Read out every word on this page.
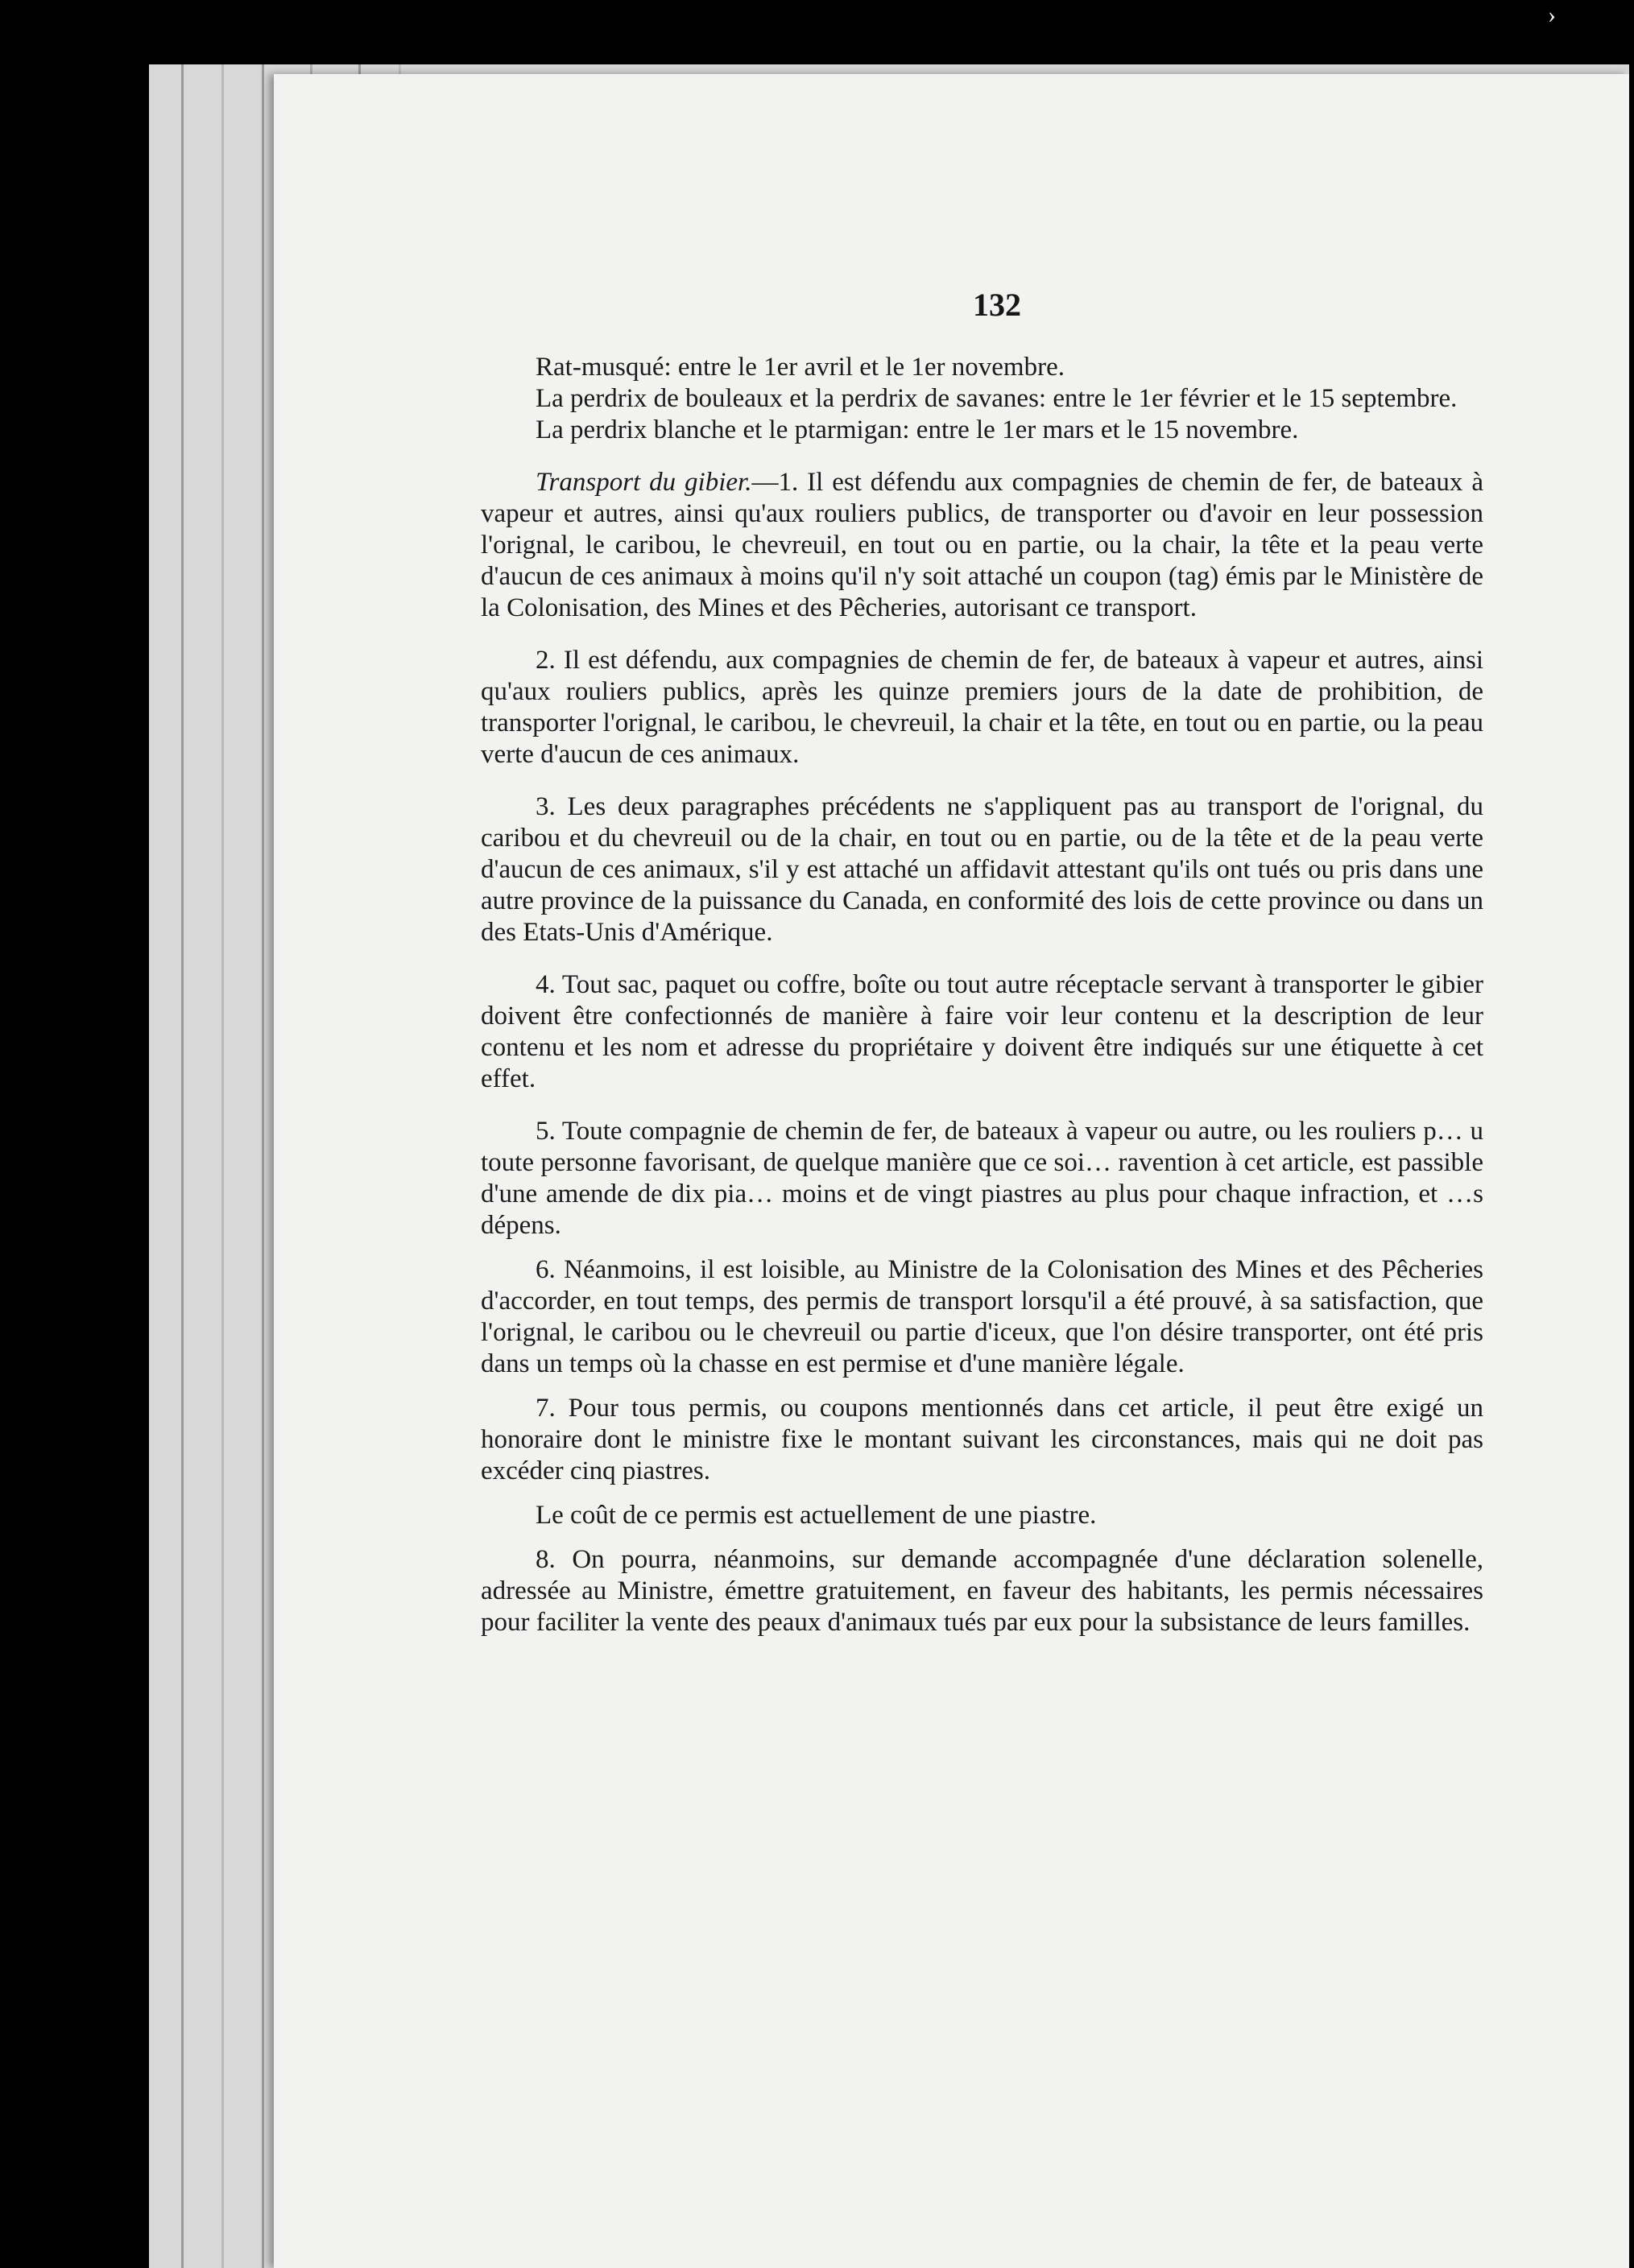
›
132

Rat-musqué: entre le 1er avril et le 1er novembre.

La perdrix de bouleaux et la perdrix de savanes: entre le 1er février et le 15 septembre.

La perdrix blanche et le ptarmigan: entre le 1er mars et le 15 novembre.

Transport du gibier.—1. Il est défendu aux compagnies de chemin de fer, de bateaux à vapeur et autres, ainsi qu'aux rouliers publics, de transporter ou d'avoir en leur possession l'orignal, le caribou, le chevreuil, en tout ou en partie, ou la chair, la tête et la peau verte d'aucun de ces animaux à moins qu'il n'y soit attaché un coupon (tag) émis par le Ministère de la Colonisation, des Mines et des Pêcheries, autorisant ce transport.

2. Il est défendu, aux compagnies de chemin de fer, de bateaux à vapeur et autres, ainsi qu'aux rouliers publics, après les quinze premiers jours de la date de prohibition, de transporter l'orignal, le caribou, le chevreuil, la chair et la tête, en tout ou en partie, ou la peau verte d'aucun de ces animaux.

3. Les deux paragraphes précédents ne s'appliquent pas au transport de l'orignal, du caribou et du chevreuil ou de la chair, en tout ou en partie, ou de la tête et de la peau verte d'aucun de ces animaux, s'il y est attaché un affidavit attestant qu'ils ont tués ou pris dans une autre province de la puissance du Canada, en conformité des lois de cette province ou dans un des Etats-Unis d'Amérique.

4. Tout sac, paquet ou coffre, boîte ou tout autre réceptacle servant à transporter le gibier doivent être confectionnés de manière à faire voir leur contenu et la description de leur contenu et les nom et adresse du propriétaire y doivent être indiqués sur une étiquette à cet effet.

5. Toute compagnie de chemin de fer, de bateaux à vapeur ou autre, ou les rouliers p… u toute personne favorisant, de quelque manière que ce soi… ravention à cet article, est passible d'une amende de dix pia… moins et de vingt piastres au plus pour chaque infraction, et …s dépens.

6. Néanmoins, il est loisible, au Ministre de la Colonisation des Mines et des Pêcheries d'accorder, en tout temps, des permis de transport lorsqu'il a été prouvé, à sa satisfaction, que l'orignal, le caribou ou le chevreuil ou partie d'iceux, que l'on désire transporter, ont été pris dans un temps où la chasse en est permise et d'une manière légale.

7. Pour tous permis, ou coupons mentionnés dans cet article, il peut être exigé un honoraire dont le ministre fixe le montant suivant les circonstances, mais qui ne doit pas excéder cinq piastres.

Le coût de ce permis est actuellement de une piastre.

8. On pourra, néanmoins, sur demande accompagnée d'une déclaration solenelle, adressée au Ministre, émettre gratuitement, en faveur des habitants, les permis nécessaires pour faciliter la vente des peaux d'animaux tués par eux pour la subsistance de leurs familles.
